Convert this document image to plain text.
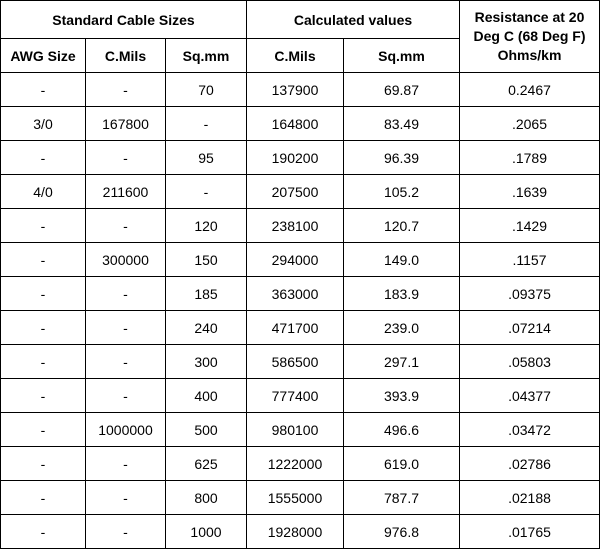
Standard Cable Sizes			Calculated values		Resistance at 20 Deg C (68 Deg F) Ohms/km
AWG Size	C.Mils	Sq.mm	C.Mils	Sq.mm	
-	-	70	137900	69.87	0.2467
3/0	167800	-	164800	83.49	.2065
-	-	95	190200	96.39	.1789
4/0	211600	-	207500	105.2	.1639
-	-	120	238100	120.7	.1429
-	300000	150	294000	149.0	.1157
-	-	185	363000	183.9	.09375
-	-	240	471700	239.0	.07214
-	-	300	586500	297.1	.05803
-	-	400	777400	393.9	.04377
-	1000000	500	980100	496.6	.03472
-	-	625	1222000	619.0	.02786
-	-	800	1555000	787.7	.02188
-	-	1000	1928000	976.8	.01765
